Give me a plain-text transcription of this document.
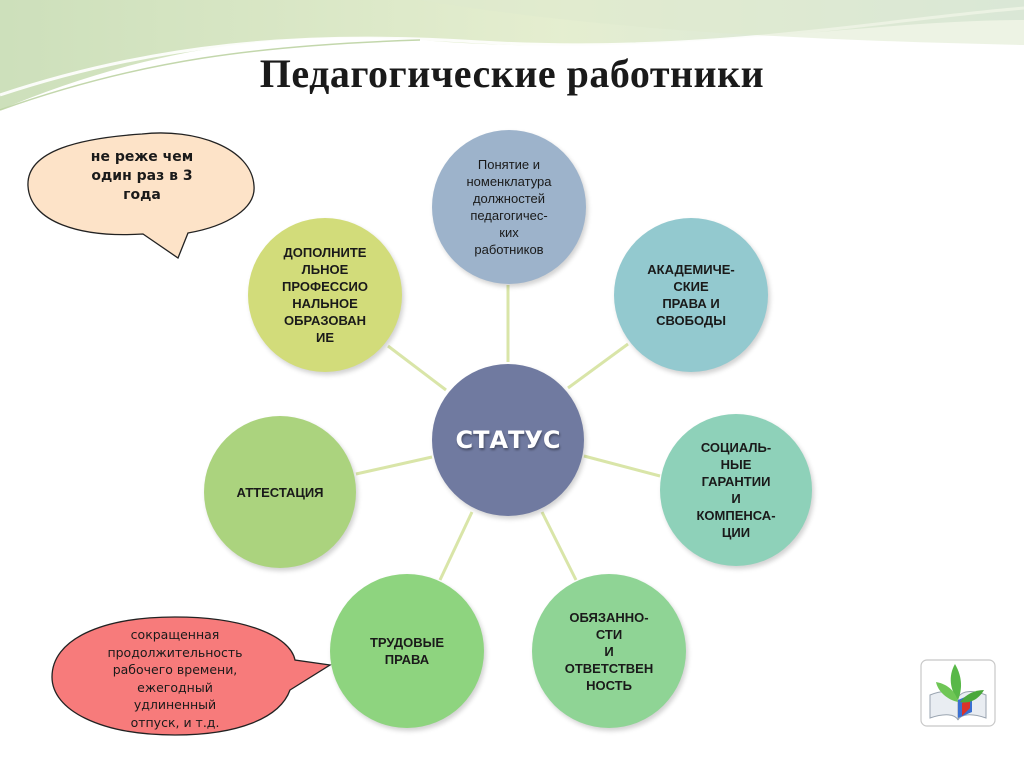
Педагогические работники
СТАТУС
Понятие и
номенклатура
должностей
педагогичес-
ких
работников
АКАДЕМИЧЕ-
СКИЕ
ПРАВА И
СВОБОДЫ
СОЦИАЛЬ-
НЫЕ
ГАРАНТИИ
И
КОМПЕНСА-
ЦИИ
ОБЯЗАННО-
СТИ
И
ОТВЕТСТВЕН
НОСТЬ
ТРУДОВЫЕ
ПРАВА
АТТЕСТАЦИЯ
ДОПОЛНИТЕ
ЛЬНОЕ
ПРОФЕССИО
НАЛЬНОЕ
ОБРАЗОВАН
ИЕ
не реже чем
один раз в 3
года
сокращенная
продолжительность
рабочего времени,
ежегодный
удлиненный
отпуск, и т.д.
